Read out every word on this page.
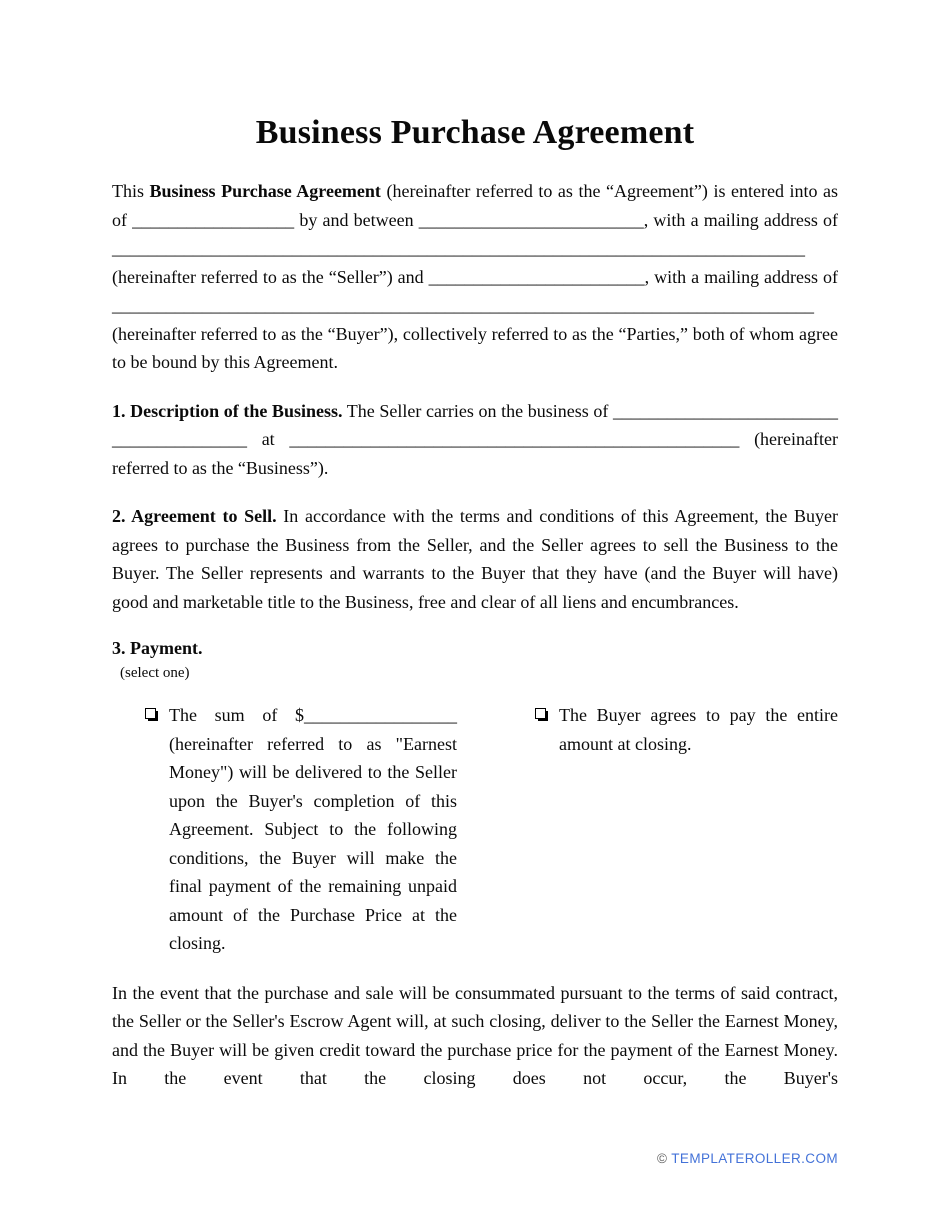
Business Purchase Agreement

This Business Purchase Agreement (hereinafter referred to as the “Agreement”) is entered into as of __________________ by and between _________________________, with a mailing address of _____________________________________________________________________________ (hereinafter referred to as the “Seller”) and ________________________, with a mailing address of ______________________________________________________________________________ (hereinafter referred to as the “Buyer”), collectively referred to as the “Parties,” both of whom agree to be bound by this Agreement.

1. Description of the Business. The Seller carries on the business of ________________________________________ at __________________________________________________ (hereinafter referred to as the “Business”).

2. Agreement to Sell. In accordance with the terms and conditions of this Agreement, the Buyer agrees to purchase the Business from the Seller, and the Seller agrees to sell the Business to the Buyer. The Seller represents and warrants to the Buyer that they have (and the Buyer will have) good and marketable title to the Business, free and clear of all liens and encumbrances.

3. Payment.

(select one)

The sum of $_________________ (hereinafter referred to as "Earnest Money") will be delivered to the Seller upon the Buyer's completion of this Agreement. Subject to the following conditions, the Buyer will make the final payment of the remaining unpaid amount of the Purchase Price at the closing.
The Buyer agrees to pay the entire amount at closing.

In the event that the purchase and sale will be consummated pursuant to the terms of said contract, the Seller or the Seller's Escrow Agent will, at such closing, deliver to the Seller the Earnest Money, and the Buyer will be given credit toward the purchase price for the payment of the Earnest Money. In the event that the closing does not occur, the Buyer's

© TEMPLATEROLLER.COM
